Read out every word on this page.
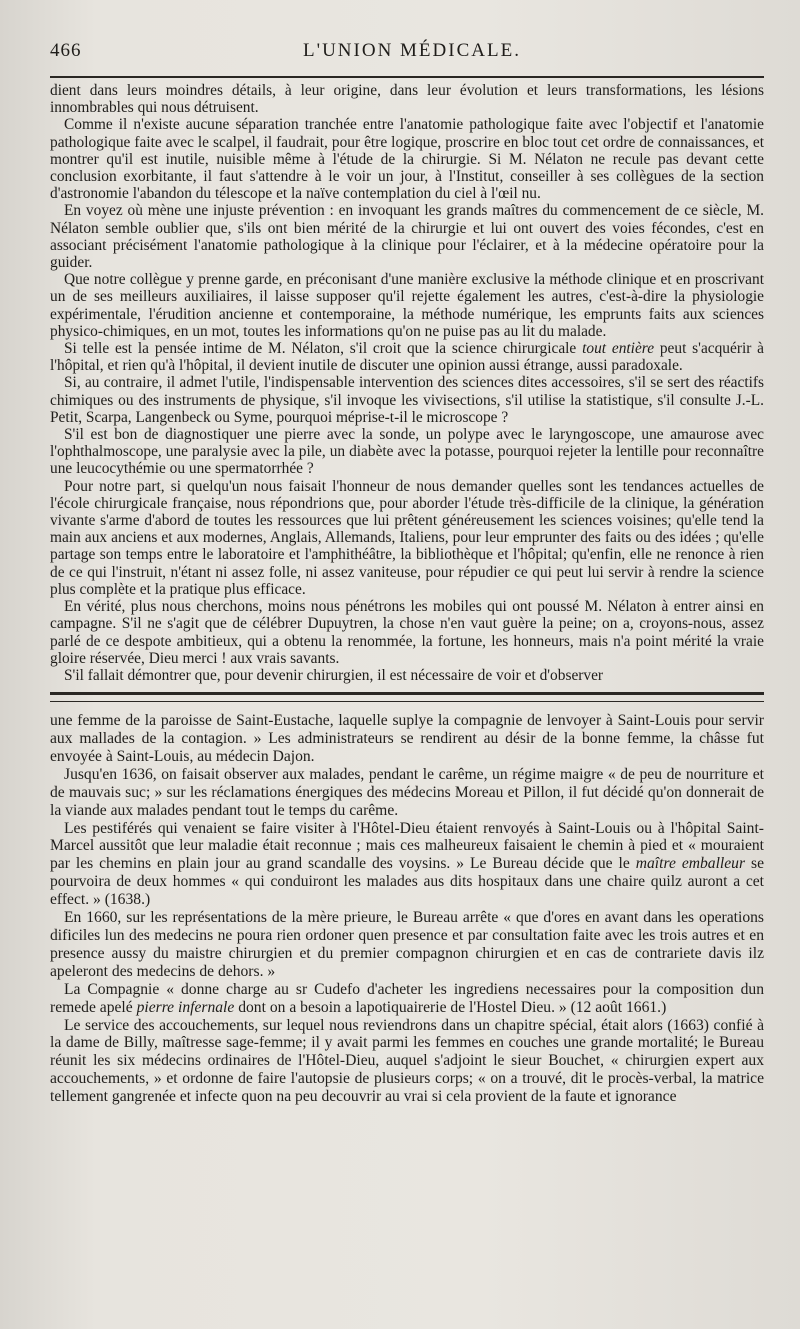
466	L'UNION MÉDICALE.

dient dans leurs moindres détails, à leur origine, dans leur évolution et leurs transformations, les lésions innombrables qui nous détruisent.

Comme il n'existe aucune séparation tranchée entre l'anatomie pathologique faite avec l'objectif et l'anatomie pathologique faite avec le scalpel, il faudrait, pour être logique, proscrire en bloc tout cet ordre de connaissances, et montrer qu'il est inutile, nuisible même à l'étude de la chirurgie. Si M. Nélaton ne recule pas devant cette conclusion exorbitante, il faut s'attendre à le voir un jour, à l'Institut, conseiller à ses collègues de la section d'astronomie l'abandon du télescope et la naïve contemplation du ciel à l'œil nu.

En voyez où mène une injuste prévention : en invoquant les grands maîtres du commencement de ce siècle, M. Nélaton semble oublier que, s'ils ont bien mérité de la chirurgie et lui ont ouvert des voies fécondes, c'est en associant précisément l'anatomie pathologique à la clinique pour l'éclairer, et à la médecine opératoire pour la guider.

Que notre collègue y prenne garde, en préconisant d'une manière exclusive la méthode clinique et en proscrivant un de ses meilleurs auxiliaires, il laisse supposer qu'il rejette également les autres, c'est-à-dire la physiologie expérimentale, l'érudition ancienne et contemporaine, la méthode numérique, les emprunts faits aux sciences physico-chimiques, en un mot, toutes les informations qu'on ne puise pas au lit du malade.

Si telle est la pensée intime de M. Nélaton, s'il croit que la science chirurgicale tout entière peut s'acquérir à l'hôpital, et rien qu'à l'hôpital, il devient inutile de discuter une opinion aussi étrange, aussi paradoxale.

Si, au contraire, il admet l'utile, l'indispensable intervention des sciences dites accessoires, s'il se sert des réactifs chimiques ou des instruments de physique, s'il invoque les vivisections, s'il utilise la statistique, s'il consulte J.-L. Petit, Scarpa, Langenbeck ou Syme, pourquoi méprise-t-il le microscope ?

S'il est bon de diagnostiquer une pierre avec la sonde, un polype avec le laryngoscope, une amaurose avec l'ophthalmoscope, une paralysie avec la pile, un diabète avec la potasse, pourquoi rejeter la lentille pour reconnaître une leucocythémie ou une spermatorrhée ?

Pour notre part, si quelqu'un nous faisait l'honneur de nous demander quelles sont les tendances actuelles de l'école chirurgicale française, nous répondrions que, pour aborder l'étude très-difficile de la clinique, la génération vivante s'arme d'abord de toutes les ressources que lui prêtent généreusement les sciences voisines; qu'elle tend la main aux anciens et aux modernes, Anglais, Allemands, Italiens, pour leur emprunter des faits ou des idées ; qu'elle partage son temps entre le laboratoire et l'amphithéâtre, la bibliothèque et l'hôpital; qu'enfin, elle ne renonce à rien de ce qui l'instruit, n'étant ni assez folle, ni assez vaniteuse, pour répudier ce qui peut lui servir à rendre la science plus complète et la pratique plus efficace.

En vérité, plus nous cherchons, moins nous pénétrons les mobiles qui ont poussé M. Nélaton à entrer ainsi en campagne. S'il ne s'agit que de célébrer Dupuytren, la chose n'en vaut guère la peine; on a, croyons-nous, assez parlé de ce despote ambitieux, qui a obtenu la renommée, la fortune, les honneurs, mais n'a point mérité la vraie gloire réservée, Dieu merci ! aux vrais savants.

S'il fallait démontrer que, pour devenir chirurgien, il est nécessaire de voir et d'observer

une femme de la paroisse de Saint-Eustache, laquelle suplye la compagnie de lenvoyer à Saint-Louis pour servir aux mallades de la contagion. » Les administrateurs se rendirent au désir de la bonne femme, la châsse fut envoyée à Saint-Louis, au médecin Dajon.

Jusqu'en 1636, on faisait observer aux malades, pendant le carême, un régime maigre « de peu de nourriture et de mauvais suc; » sur les réclamations énergiques des médecins Moreau et Pillon, il fut décidé qu'on donnerait de la viande aux malades pendant tout le temps du carême.

Les pestiférés qui venaient se faire visiter à l'Hôtel-Dieu étaient renvoyés à Saint-Louis ou à l'hôpital Saint-Marcel aussitôt que leur maladie était reconnue ; mais ces malheureux faisaient le chemin à pied et « mouraient par les chemins en plain jour au grand scandalle des voysins. » Le Bureau décide que le maître emballeur se pourvoira de deux hommes « qui conduiront les malades aus dits hospitaux dans une chaire quilz auront a cet effect. » (1638.)

En 1660, sur les représentations de la mère prieure, le Bureau arrête « que d'ores en avant dans les operations dificiles lun des medecins ne poura rien ordoner quen presence et par consultation faite avec les trois autres et en presence aussy du maistre chirurgien et du premier compagnon chirurgien et en cas de contrariete davis ilz apeleront des medecins de dehors. »

La Compagnie « donne charge au sr Cudefo d'acheter les ingrediens necessaires pour la composition dun remede apelé pierre infernale dont on a besoin a lapotiquairerie de l'Hostel Dieu. » (12 août 1661.)

Le service des accouchements, sur lequel nous reviendrons dans un chapitre spécial, était alors (1663) confié à la dame de Billy, maîtresse sage-femme; il y avait parmi les femmes en couches une grande mortalité; le Bureau réunit les six médecins ordinaires de l'Hôtel-Dieu, auquel s'adjoint le sieur Bouchet, « chirurgien expert aux accouchements, » et ordonne de faire l'autopsie de plusieurs corps; « on a trouvé, dit le procès-verbal, la matrice tellement gangrenée et infecte quon na peu decouvrir au vrai si cela provient de la faute et ignorance
